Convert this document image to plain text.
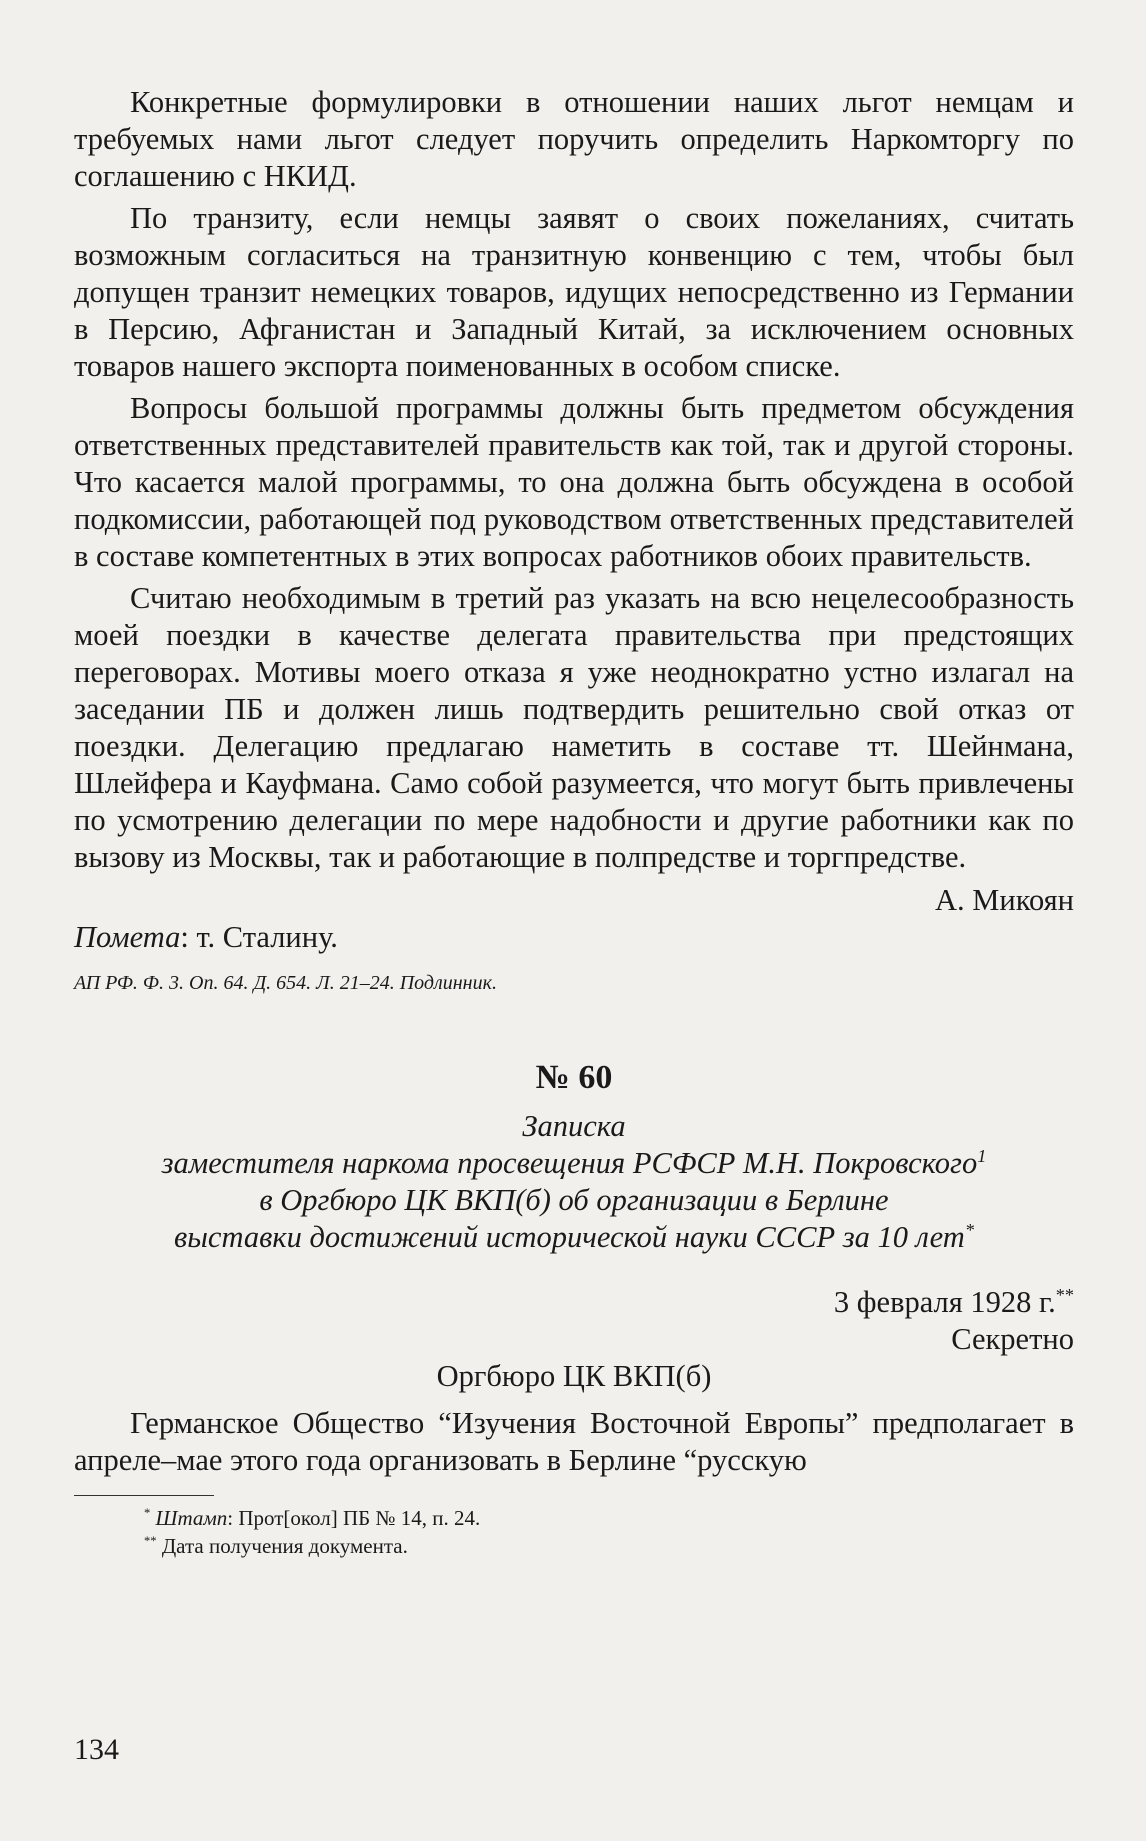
Конкретные формулировки в отношении наших льгот немцам и требуемых нами льгот следует поручить определить Наркомторгу по соглашению с НКИД.

По транзиту, если немцы заявят о своих пожеланиях, считать возможным согласиться на транзитную конвенцию с тем, чтобы был допущен транзит немецких товаров, идущих непосредственно из Германии в Персию, Афганистан и Западный Китай, за исключением основных товаров нашего экспорта поименованных в особом списке.

Вопросы большой программы должны быть предметом обсуждения ответственных представителей правительств как той, так и другой стороны. Что касается малой программы, то она должна быть обсуждена в особой подкомиссии, работающей под руководством ответственных представителей в составе компетентных в этих вопросах работников обоих правительств.

Считаю необходимым в третий раз указать на всю нецелесообразность моей поездки в качестве делегата правительства при предстоящих переговорах. Мотивы моего отказа я уже неоднократно устно излагал на заседании ПБ и должен лишь подтвердить решительно свой отказ от поездки. Делегацию предлагаю наметить в составе тт. Шейнмана, Шлейфера и Кауфмана. Само собой разумеется, что могут быть привлечены по усмотрению делегации по мере надобности и другие работники как по вызову из Москвы, так и работающие в полпредстве и торгпредстве.

А. Микоян

Помета: т. Сталину.

АП РФ. Ф. 3. Оп. 64. Д. 654. Л. 21–24. Подлинник.

№ 60
Записка
заместителя наркома просвещения РСФСР М.Н. Покровского$^1$
в Оргбюро ЦК ВКП(б) об организации в Берлине
выставки достижений исторической науки СССР за 10 лет*
3 февраля 1928 г.**
Секретно
Оргбюро ЦК ВКП(б)

Германское Общество “Изучения Восточной Европы” предполагает в апреле–мае этого года организовать в Берлине “русскую

* Штамп: Прот[окол] ПБ № 14, п. 24.

** Дата получения документа.

134
